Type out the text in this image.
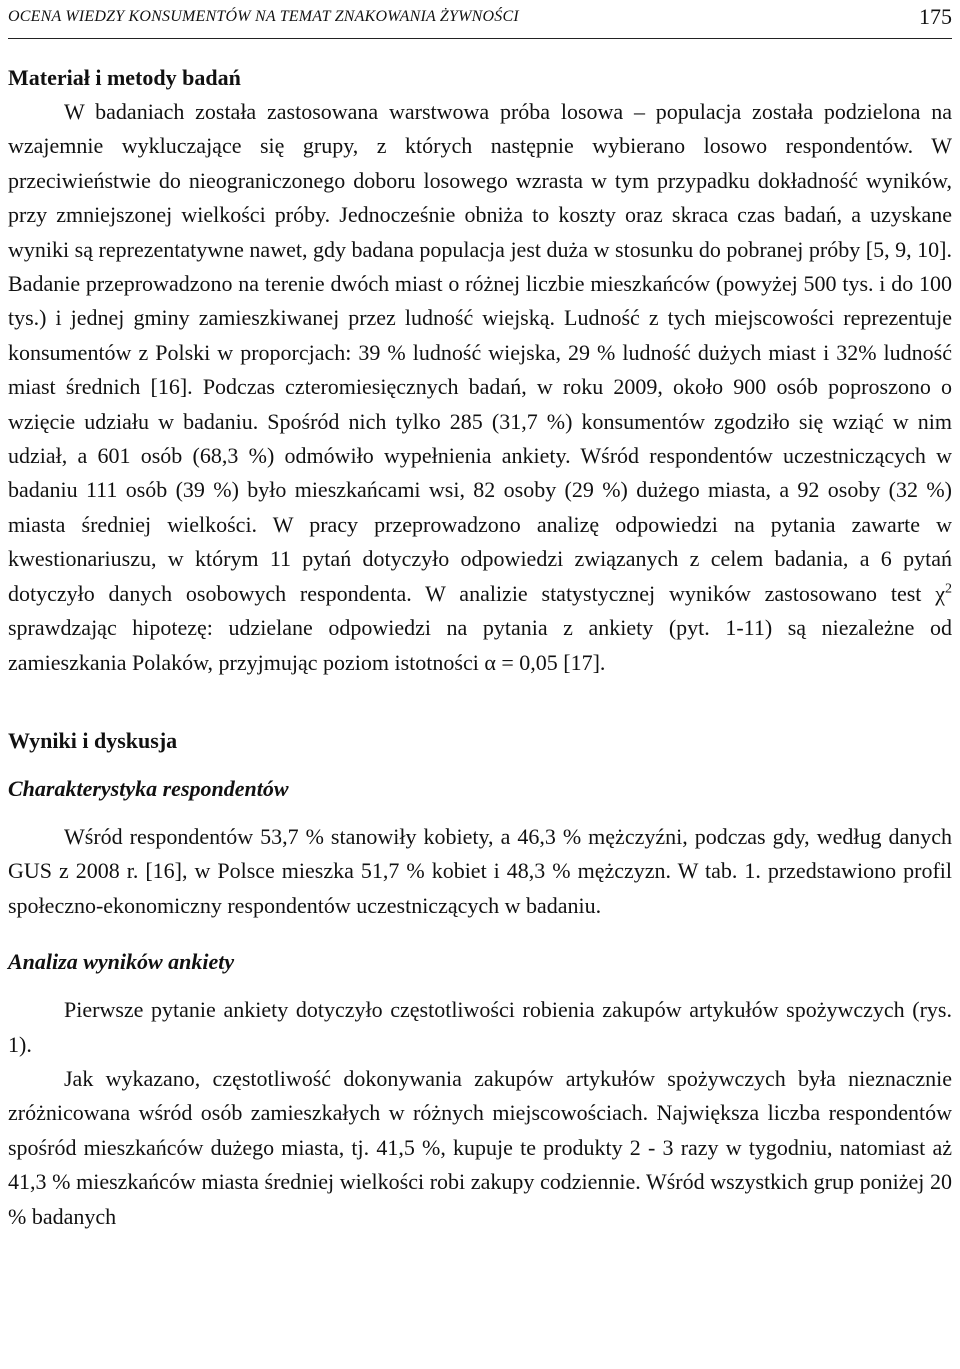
OCENA WIEDZY KONSUMENTÓW NA TEMAT ZNAKOWANIA ŻYWNOŚCI	175
Materiał i metody badań

W badaniach została zastosowana warstwowa próba losowa – populacja została podzielona na wzajemnie wykluczające się grupy, z których następnie wybierano losowo respondentów. W przeciwieństwie do nieograniczonego doboru losowego wzrasta w tym przypadku dokładność wyników, przy zmniejszonej wielkości próby. Jednocześnie obniża to koszty oraz skraca czas badań, a uzyskane wyniki są reprezentatywne nawet, gdy badana populacja jest duża w stosunku do pobranej próby [5, 9, 10]. Badanie przeprowadzono na terenie dwóch miast o różnej liczbie mieszkańców (powyżej 500 tys. i do 100 tys.) i jednej gminy zamieszkiwanej przez ludność wiejską. Ludność z tych miejscowości reprezentuje konsumentów z Polski w proporcjach: 39 % ludność wiejska, 29 % ludność dużych miast i 32% ludność miast średnich [16]. Podczas czteromiesięcznych badań, w roku 2009, około 900 osób poproszono o wzięcie udziału w badaniu. Spośród nich tylko 285 (31,7 %) konsumentów zgodziło się wziąć w nim udział, a 601 osób (68,3 %) odmówiło wypełnienia ankiety. Wśród respondentów uczestniczących w badaniu 111 osób (39 %) było mieszkańcami wsi, 82 osoby (29 %) dużego miasta, a 92 osoby (32 %) miasta średniej wielkości. W pracy przeprowadzono analizę odpowiedzi na pytania zawarte w kwestionariuszu, w którym 11 pytań dotyczyło odpowiedzi związanych z celem badania, a 6 pytań dotyczyło danych osobowych respondenta. W analizie statystycznej wyników zastosowano test $\chi^2$ sprawdzając hipotezę: udzielane odpowiedzi na pytania z ankiety (pyt. 1-11) są niezależne od zamieszkania Polaków, przyjmując poziom istotności α = 0,05 [17].

Wyniki i dyskusja
Charakterystyka respondentów

Wśród respondentów 53,7 % stanowiły kobiety, a 46,3 % mężczyźni, podczas gdy, według danych GUS z 2008 r. [16], w Polsce mieszka 51,7 % kobiet i 48,3 % mężczyzn. W tab. 1. przedstawiono profil społeczno-ekonomiczny respondentów uczestniczących w badaniu.

Analiza wyników ankiety

Pierwsze pytanie ankiety dotyczyło częstotliwości robienia zakupów artykułów spożywczych (rys. 1).

Jak wykazano, częstotliwość dokonywania zakupów artykułów spożywczych była nieznacznie zróżnicowana wśród osób zamieszkałych w różnych miejscowościach. Największa liczba respondentów spośród mieszkańców dużego miasta, tj. 41,5 %, kupuje te produkty 2 - 3 razy w tygodniu, natomiast aż 41,3 % mieszkańców miasta średniej wielkości robi zakupy codziennie. Wśród wszystkich grup poniżej 20 % badanych
